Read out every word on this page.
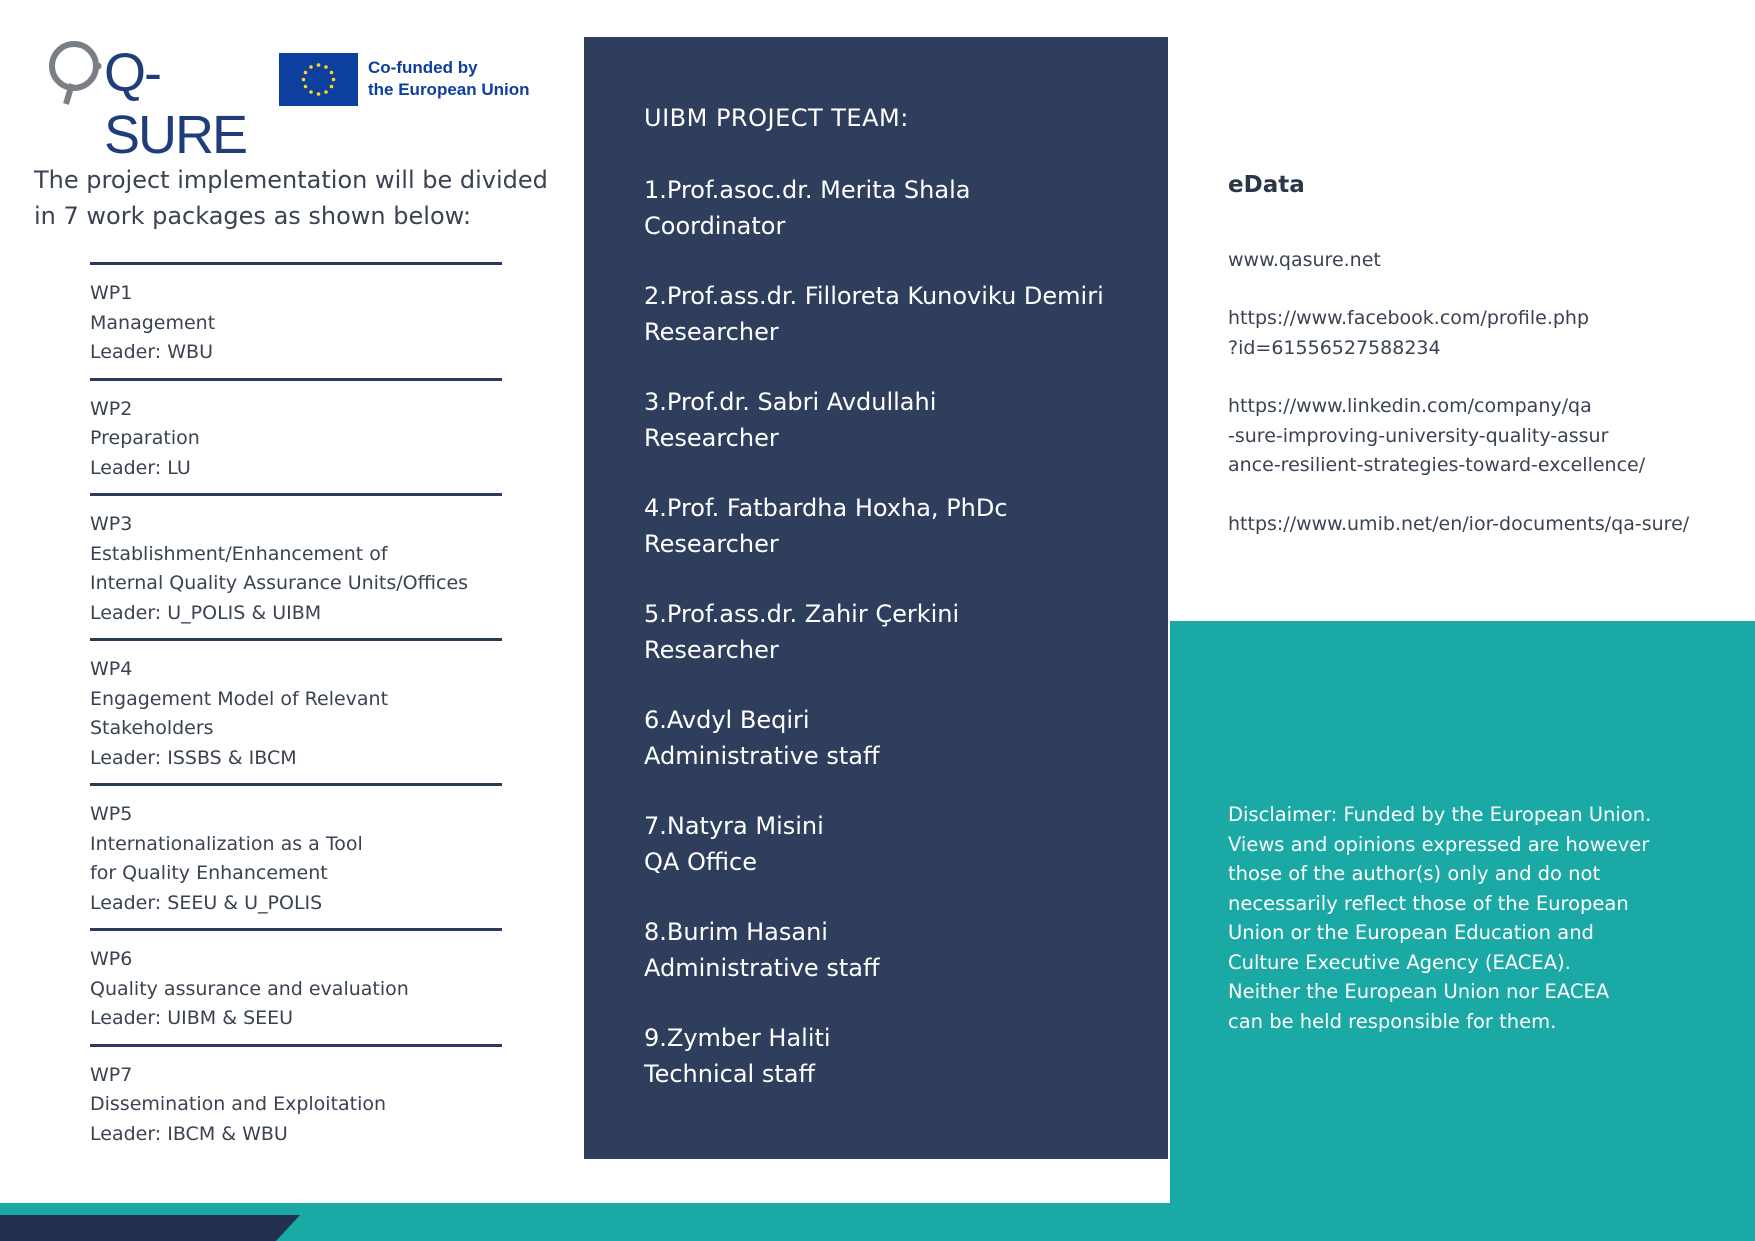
Q-SURE
Co-funded by
the European Union
The project implementation will be divided
in 7 work packages as shown below:
WP1
Management
Leader: WBU
WP2
Preparation
Leader: LU
WP3
Establishment/Enhancement of
Internal Quality Assurance Units/Offices
Leader: U_POLIS & UIBM
WP4
Engagement Model of Relevant
Stakeholders
Leader: ISSBS & IBCM
WP5
Internationalization as a Tool
for Quality Enhancement
Leader: SEEU & U_POLIS
WP6
Quality assurance and evaluation
Leader: UIBM & SEEU
WP7
Dissemination and Exploitation
Leader: IBCM & WBU
UIBM PROJECT TEAM:
1.Prof.asoc.dr. Merita Shala
Coordinator
2.Prof.ass.dr. Filloreta Kunoviku Demiri
Researcher
3.Prof.dr. Sabri Avdullahi
Researcher
4.Prof. Fatbardha Hoxha, PhDc
Researcher
5.Prof.ass.dr. Zahir Çerkini
Researcher
6.Avdyl Beqiri
Administrative staff
7.Natyra Misini
QA Office
8.Burim Hasani
Administrative staff
9.Zymber Haliti
Technical staff
eData
www.qasure.net
https://www.facebook.com/profile.php
?id=61556527588234
https://www.linkedin.com/company/qa
-sure-improving-university-quality-assur
ance-resilient-strategies-toward-excellence/
https://www.umib.net/en/ior-documents/qa-sure/
Disclaimer: Funded by the European Union.
Views and opinions expressed are however
those of the author(s) only and do not
necessarily reflect those of the European
Union or the European Education and
Culture Executive Agency (EACEA).
Neither the European Union nor EACEA
can be held responsible for them.
